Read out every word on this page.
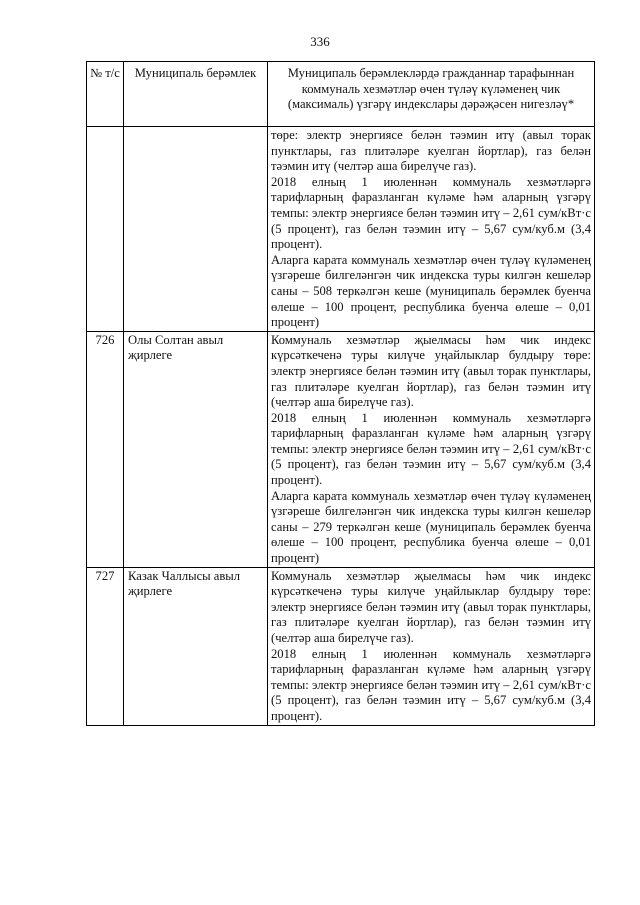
336
№ т/с	Муниципаль берәмлек	Муниципаль берәмлекләрдә гражданнар тарафыннан коммуналь хезмәтләр өчен түләү күләменең чик (максималь) үзгәрү индекслары дәрәҗәсен нигезләү*

		төре: электр энергиясе белән тәэмин итү (авыл торак пунктлары, газ плитәләре куелган йортлар), газ белән тәэмин итү (челтәр аша бирелүче газ).

2018 елның 1 июленнән коммуналь хезмәтләргә тарифларның фаразланган күләме һәм аларның үзгәрү темпы: электр энергиясе белән тәэмин итү – 2,61 сум/кВт·с (5 процент), газ белән тәэмин итү – 5,67 сум/куб.м (3,4 процент).

Аларга карата коммуналь хезмәтләр өчен түләү күләменең үзгәреше билгеләнгән чик индекска туры килгән кешеләр саны – 508 теркәлгән кеше (муниципаль берәмлек буенча өлеше – 100 процент, республика буенча өлеше – 0,01 процент)

726	Олы Солтан авыл җирлеге	Коммуналь хезмәтләр җыелмасы һәм чик индекс күрсәткеченә туры килүче уңайлыклар булдыру төре: электр энергиясе белән тәэмин итү (авыл торак пунктлары, газ плитәләре куелган йортлар), газ белән тәэмин итү (челтәр аша бирелүче газ).

2018 елның 1 июленнән коммуналь хезмәтләргә тарифларның фаразланган күләме һәм аларның үзгәрү темпы: электр энергиясе белән тәэмин итү – 2,61 сум/кВт·с (5 процент), газ белән тәэмин итү – 5,67 сум/куб.м (3,4 процент).

Аларга карата коммуналь хезмәтләр өчен түләү күләменең үзгәреше билгеләнгән чик индекска туры килгән кешеләр саны – 279 теркәлгән кеше (муниципаль берәмлек буенча өлеше – 100 процент, республика буенча өлеше – 0,01 процент)

727	Казак Чаллысы авыл җирлеге	Коммуналь хезмәтләр җыелмасы һәм чик индекс күрсәткеченә туры килүче уңайлыклар булдыру төре: электр энергиясе белән тәэмин итү (авыл торак пунктлары, газ плитәләре куелган йортлар), газ белән тәэмин итү (челтәр аша бирелүче газ).

2018 елның 1 июленнән коммуналь хезмәтләргә тарифларның фаразланган күләме һәм аларның үзгәрү темпы: электр энергиясе белән тәэмин итү – 2,61 сум/кВт·с (5 процент), газ белән тәэмин итү – 5,67 сум/куб.м (3,4 процент).
